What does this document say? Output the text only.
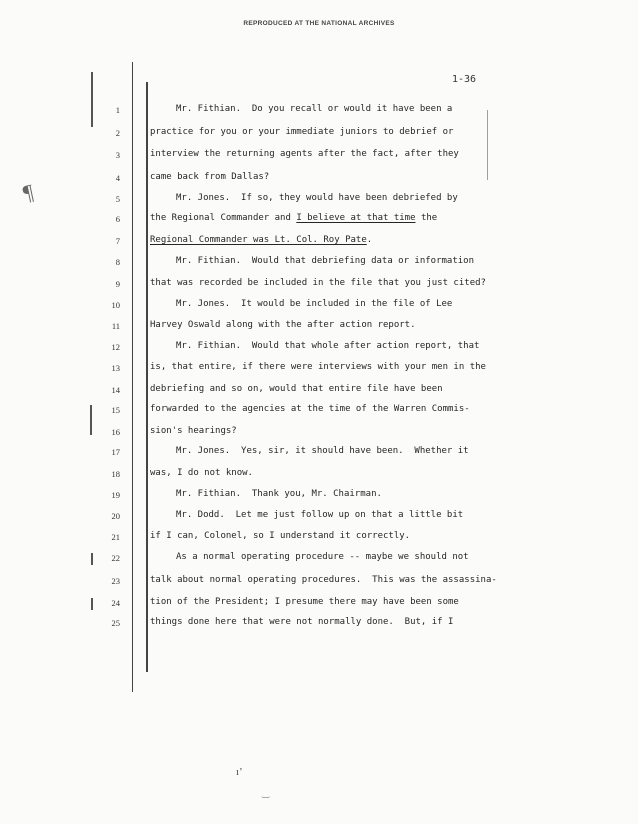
REPRODUCED AT THE NATIONAL ARCHIVES
1-36
¶
1	Mr. Fithian.  Do you recall or would it have been a
2	practice for you or your immediate juniors to debrief or
3	interview the returning agents after the fact, after they
4	came back from Dallas?
5	Mr. Jones.  If so, they would have been debriefed by
6	the Regional Commander and I believe at that time the
7	Regional Commander was Lt. Col. Roy Pate.
8	Mr. Fithian.  Would that debriefing data or information
9	that was recorded be included in the file that you just cited?
10	Mr. Jones.  It would be included in the file of Lee
11	Harvey Oswald along with the after action report.
12	Mr. Fithian.  Would that whole after action report, that
13	is, that entire, if there were interviews with your men in the
14	debriefing and so on, would that entire file have been
15	forwarded to the agencies at the time of the Warren Commis-
16	sion's hearings?
17	Mr. Jones.  Yes, sir, it should have been.  Whether it
18	was, I do not know.
19	Mr. Fithian.  Thank you, Mr. Chairman.
20	Mr. Dodd.  Let me just follow up on that a little bit
21	if I can, Colonel, so I understand it correctly.
22	As a normal operating procedure -- maybe we should not
23	talk about normal operating procedures.  This was the assassina-
24	tion of the President; I presume there may have been some
25	things done here that were not normally done.  But, if I
ı’
‿
